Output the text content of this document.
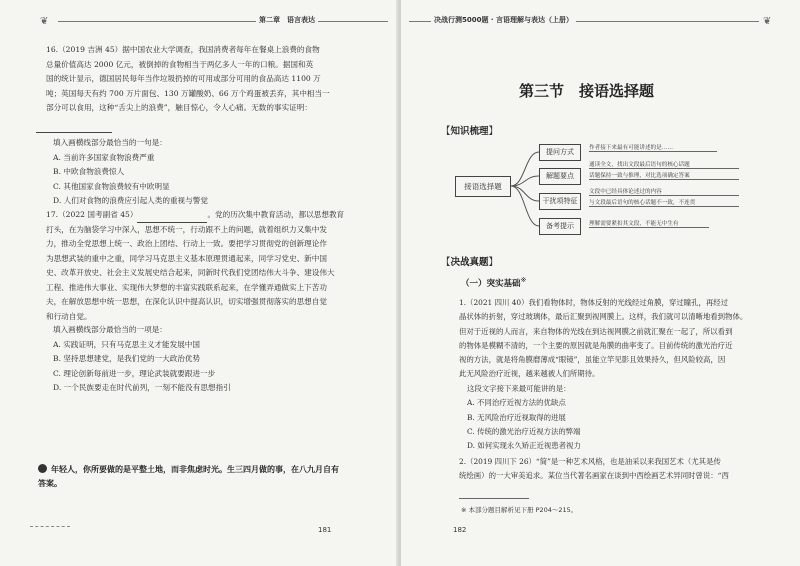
❦	第二章　语言表达
16.（2019 吉洲 45）据中国农业大学调查，我国消费者每年在餐桌上浪费的食物
总量价值高达 2000 亿元，被倒掉的食物相当于两亿多人一年的口粮。据国和英
国的统计显示，德国居民每年当作垃圾扔掉的可用或部分可用的食品高达 1100 万
吨；英国每天有约 700 万片面包、130 万罐酸奶、66 万个鸡蛋被丢弃，其中相当一
部分可以食用，这种“舌尖上的浪费”，触目惊心，令人心痛。无数的事实证明：
填入画横线部分最恰当的一句是：
A. 当前许多国家食物浪费严重
B. 中欧食物浪费惊人
C. 其他国家食物浪费较有中欧明显
D. 人们对食物的浪费应引起人类的重视与警觉
17.（2022 国考副省 45）	。党的历次集中教育活动，都以思想教育
打头，在为脑袋学习中深入，思想不统一，行动跟不上的问题，就着组织力又集中发
力，推动全党思想上统一、政治上团结、行动上一致。要把学习贯彻党的创新理论作
为思想武装的重中之重，同学习马克思主义基本原理贯通起来，同学习党史、新中国
史、改革开放史、社会主义发展史结合起来，同新时代我们党团结伟大斗争、建设伟大
工程、推进伟大事业、实现伟大梦想的丰富实践联系起来，在学懂弄通做实上下苦功
夫，在解放思想中统一思想，在深化认识中提高认识，切实增强贯彻落实的思想自觉
和行动自觉。
填入画横线部分最恰当的一项是：
A. 实践证明，只有马克思主义才能发展中国
B. 坚持思想建党，是我们党的一大政治优势
C. 理论创新每前进一步，理论武装就要跟进一步
D. 一个民族要走在时代前列，一刻不能没有思想指引
年轻人，你所要做的是平整土地，而非焦虑时光。生三四月做的事，在八九月自有
答案。
181
决战行测5000题 · 言语理解与表达（上册）	❦
第三节　接语选择题
【知识梳理】
接语选择题
提问方式
解题要点
干扰项特征
备考提示
作者接下来最有可能讲述的是……
通读全文，找出文段最后语句的核心话题
话题保持一致与推理，对比选项确定答案
文段中已经具体论述过的内容
与文段最后语句的核心话题不一致，不连贯
理解需要紧扣其文段，不能无中生有
【决战真题】
（一）突实基础※
1.（2021 四川 40）我们看物体时，物体反射的光线经过角膜，穿过瞳孔，再经过
晶状体的折射，穿过玻璃体，最后汇聚到视网膜上。这样，我们就可以清晰地看到物体。
但对于近视的人而言，来自物体的光线在到达视网膜之前就汇聚在一起了，所以看到
的物体是模糊不清的，一个主要的原因就是角膜的曲率变了。目前传统的激光治疗近
视的方法，就是将角膜磨薄成“眼镜”，虽能立竿见影且效果持久，但风险较高，因
此无风险治疗近视，越来越被人们所期待。
这段文字接下来最可能讲的是：
A. 不同治疗近视方法的优缺点
B. 无风险治疗近视取得的进展
C. 传统的激光治疗近视方法的弊端
D. 如何实现永久矫正近视患者视力
2.（2019 四川下 26）“简”是一种艺术风格，也是油采以来我国艺术（尤其是传
统绘画）的一大审美追求。某位当代著名画家在谈到中西绘画艺术异同时曾说：“西
※ 本部分题目解析见下册 P204～215。
182
